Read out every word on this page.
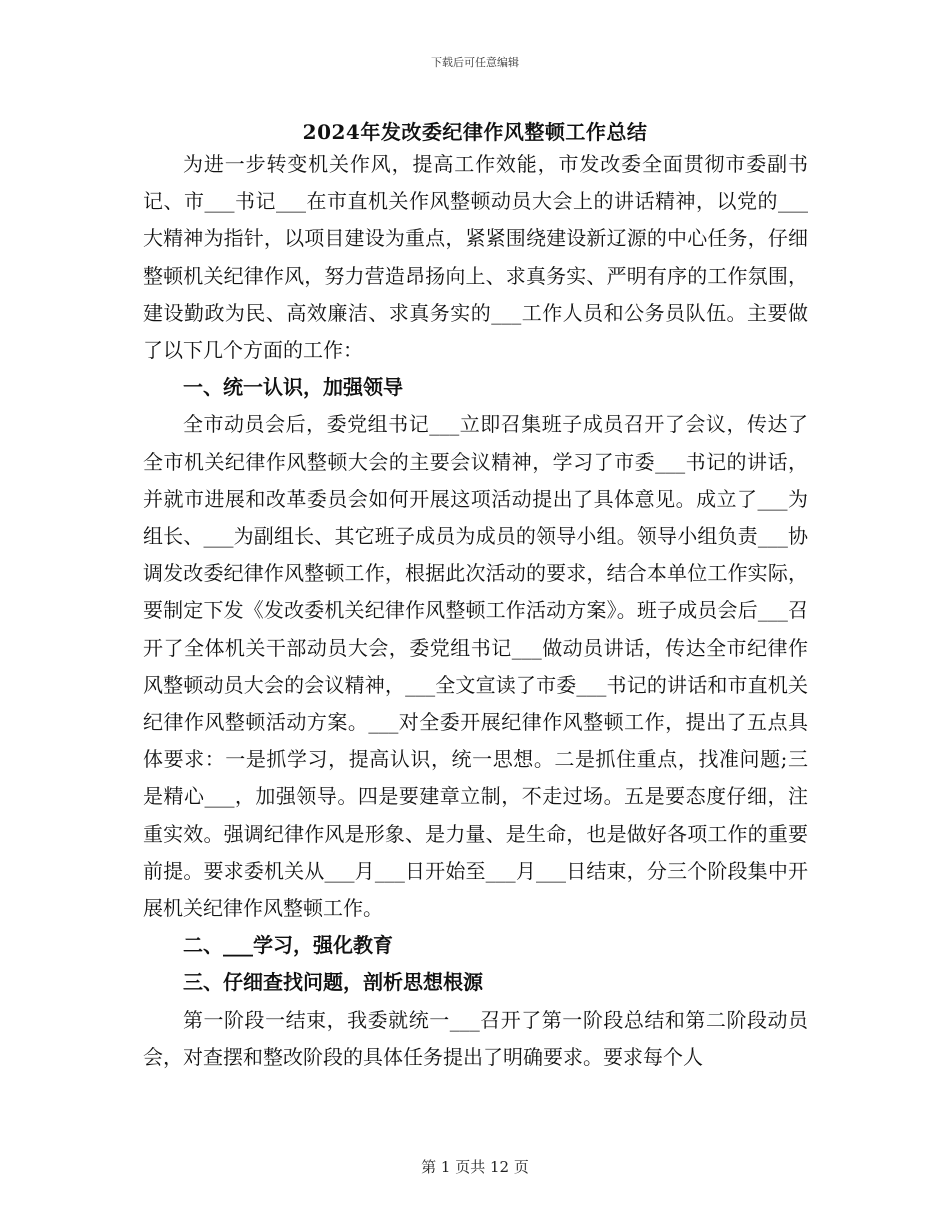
下载后可任意编辑
2024年发改委纪律作风整顿工作总结

为进一步转变机关作风，提高工作效能，市发改委全面贯彻市委副书记、市___书记___在市直机关作风整顿动员大会上的讲话精神，以党的___大精神为指针，以项目建设为重点，紧紧围绕建设新辽源的中心任务，仔细整顿机关纪律作风，努力营造昂扬向上、求真务实、严明有序的工作氛围，建设勤政为民、高效廉洁、求真务实的___工作人员和公务员队伍。主要做了以下几个方面的工作：

一、统一认识，加强领导

全市动员会后，委党组书记___立即召集班子成员召开了会议，传达了全市机关纪律作风整顿大会的主要会议精神，学习了市委___书记的讲话，并就市进展和改革委员会如何开展这项活动提出了具体意见。成立了___为组长、___为副组长、其它班子成员为成员的领导小组。领导小组负责___协调发改委纪律作风整顿工作，根据此次活动的要求，结合本单位工作实际，要制定下发《发改委机关纪律作风整顿工作活动方案》。班子成员会后___召开了全体机关干部动员大会，委党组书记___做动员讲话，传达全市纪律作风整顿动员大会的会议精神，___全文宣读了市委___书记的讲话和市直机关纪律作风整顿活动方案。___对全委开展纪律作风整顿工作，提出了五点具体要求：一是抓学习，提高认识，统一思想。二是抓住重点，找准问题;三是精心___，加强领导。四是要建章立制，不走过场。五是要态度仔细，注重实效。强调纪律作风是形象、是力量、是生命，也是做好各项工作的重要前提。要求委机关从___月___日开始至___月___日结束，分三个阶段集中开展机关纪律作风整顿工作。

二、___学习，强化教育
三、仔细查找问题，剖析思想根源

第一阶段一结束，我委就统一___召开了第一阶段总结和第二阶段动员会，对查摆和整改阶段的具体任务提出了明确要求。要求每个人

第 1 页共 12 页
